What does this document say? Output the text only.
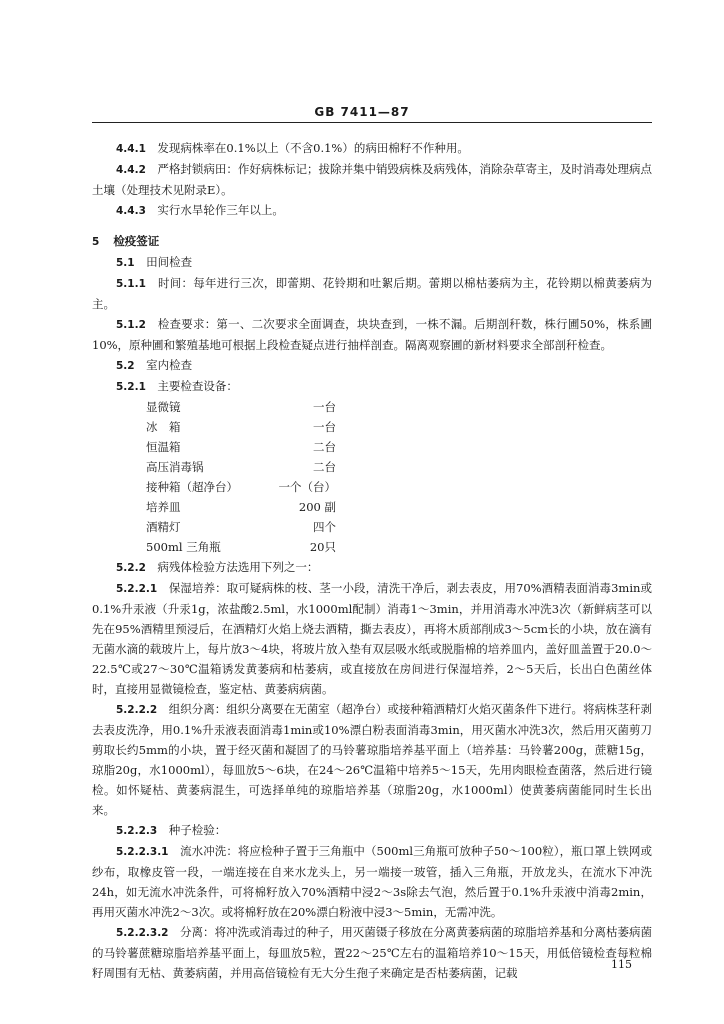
GB 7411—87

4.4.1　 发现病株率在0.1%以上（不含0.1%）的病田棉籽不作种用。

4.4.2　 严格封锁病田：作好病株标记；拔除并集中销毁病株及病残体，消除杂草寄主，及时消毒处理病点土壤（处理技术见附录E）。

4.4.3　 实行水旱轮作三年以上。

5 检疫签证

5.1　 田间检查

5.1.1　 时间：每年进行三次，即蕾期、花铃期和吐絮后期。蕾期以棉枯萎病为主，花铃期以棉黄萎病为主。

5.1.2　 检查要求：第一、二次要求全面调查，块块查到，一株不漏。后期剖秆数，株行圃50%，株系圃10%，原种圃和繁殖基地可根据上段检查疑点进行抽样剖查。隔离观察圃的新材料要求全部剖秆检查。

5.2　 室内检查

5.2.1　 主要检查设备：

显微镜	一台
冰　箱	一台
恒温箱	二台
高压消毒锅	二台
接种箱（超净台）	一个（台）
培养皿	200 副
酒精灯	四个
500ml 三角瓶	20只

5.2.2　 病残体检验方法选用下列之一：

5.2.2.1　 保湿培养：取可疑病株的枝、茎一小段，清洗干净后，剥去表皮，用70%酒精表面消毒3min或0.1%升汞液（升汞1g，浓盐酸2.5ml，水1000ml配制）消毒1～3min，并用消毒水冲洗3次（新鲜病茎可以先在95%酒精里预浸后，在酒精灯火焰上烧去酒精，撕去表皮），再将木质部削成3～5cm长的小块，放在滴有无菌水滴的载玻片上，每片放3～4块，将玻片放入垫有双层吸水纸或脱脂棉的培养皿内，盖好皿盖置于20.0～22.5℃或27～30℃温箱诱发黄萎病和枯萎病，或直接放在房间进行保湿培养，2～5天后，长出白色菌丝体时，直接用显微镜检查，鉴定枯、黄萎病病菌。

5.2.2.2　 组织分离：组织分离要在无菌室（超净台）或接种箱酒精灯火焰灭菌条件下进行。将病株茎秆剥去表皮洗净，用0.1%升汞液表面消毒1min或10%漂白粉表面消毒3min，用灭菌水冲洗3次，然后用灭菌剪刀剪取长约5mm的小块，置于经灭菌和凝固了的马铃薯琼脂培养基平面上（培养基：马铃薯200g，蔗糖15g，琼脂20g，水1000ml），每皿放5～6块，在24～26℃温箱中培养5～15天，先用肉眼检查菌落，然后进行镜检。如怀疑枯、黄萎病混生，可选择单纯的琼脂培养基（琼脂20g，水1000ml）使黄萎病菌能同时生长出来。

5.2.2.3　 种子检验：

5.2.2.3.1　 流水冲洗：将应检种子置于三角瓶中（500ml三角瓶可放种子50～100粒），瓶口罩上铁网或纱布，取橡皮管一段，一端连接在自来水龙头上，另一端接一玻管，插入三角瓶，开放龙头，在流水下冲洗24h，如无流水冲洗条件，可将棉籽放入70%酒精中浸2～3s除去气泡，然后置于0.1%升汞液中消毒2min，再用灭菌水冲洗2～3次。或将棉籽放在20%漂白粉液中浸3～5min，无需冲洗。

5.2.2.3.2　 分离：将冲洗或消毒过的种子，用灭菌镊子移放在分离黄萎病菌的琼脂培养基和分离枯萎病菌的马铃薯蔗糖琼脂培养基平面上，每皿放5粒，置22～25℃左右的温箱培养10～15天，用低倍镜检查每粒棉籽周围有无枯、黄萎病菌，并用高倍镜检有无大分生孢子来确定是否枯萎病菌，记载

115
